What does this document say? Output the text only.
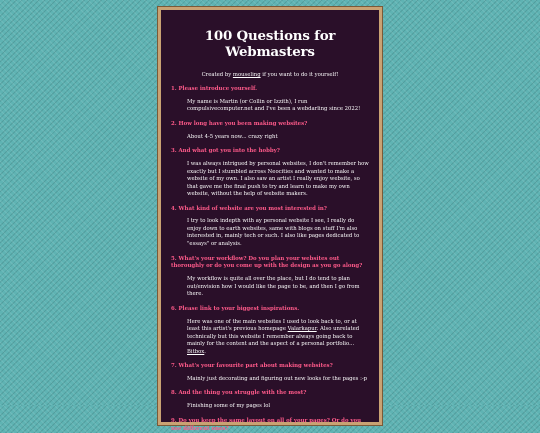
100 Questions for Webmasters
Created by mouseling if you want to do it yourself!
1. Please introduce yourself.
My name is Martin (or Collin or Izzith), I run compulsivecomputer.net and I've been a webdarling since 2022!
2. How long have you been making websites?
About 4-5 years now... crazy right
3. And what got you into the hobby?
I was always intrigued by personal websites, I don't remember how exactly but I stumbled across Neocities and wanted to make a website of my own. I also saw an artist I really enjoy website, so that gave me the final push to try and learn to make my own website, without the help of website makers.
4. What kind of website are you most interested in?
I try to look indepth with ay personal website I see, I really do enjoy down to earth websites, same with blogs on stuff I'm also interested in, mainly tech or such. I also like pages dedicated to "essays" or analysis.
5. What's your workflow? Do you plan your websites out thoroughly or do you come up with the design as you go along?
My workflow is quite all over the place, but I do tend to plan out/envision how I would like the page to be, and then I go from there.
6. Please link to your biggest inspirations.
Here was one of the main websites I used to look back to, or at least this artist's previous homepage Valarkapur. Also unrelated technically but this website I remember always going back to mainly for the content and the aspect of a personal portfolio... Bitbox.
7. What's your favourite part about making websites?
Mainly just decorating and figuring out new looks for the pages :-p
8. And the thing you struggle with the most?
Finishing some of my pages lol
9. Do you keep the same layout on all of your pages? Or do you use different ones?
